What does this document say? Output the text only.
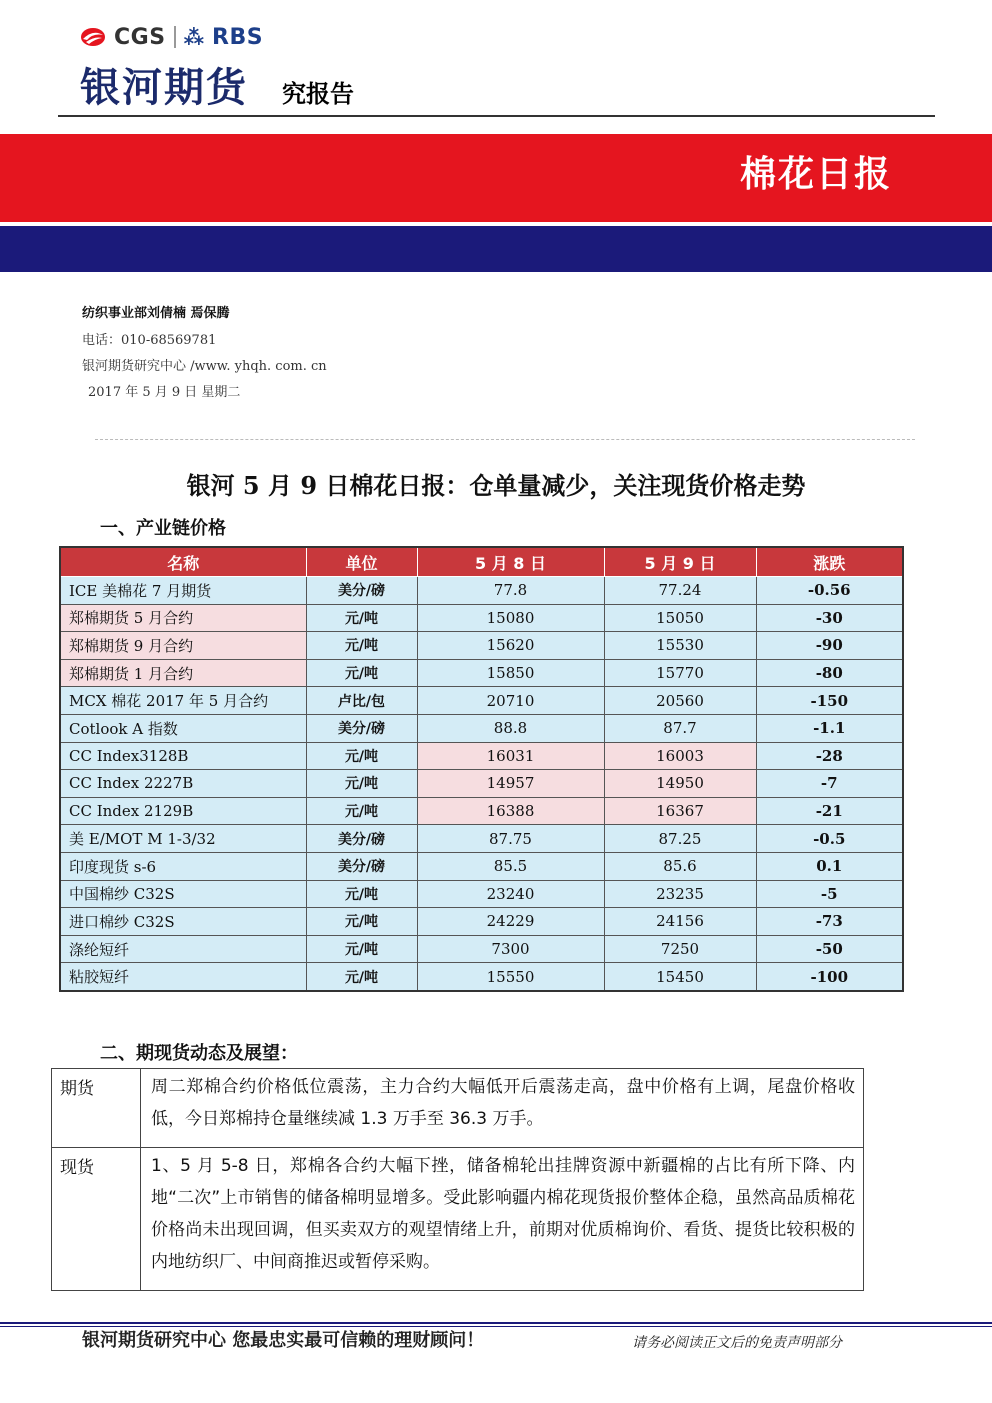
CGS ⁂ RBS
银河期货 究报告
棉花日报
纺织事业部刘倩楠 焉保腾
电话：010-68569781
银河期货研究中心 /www. yhqh. com. cn
2017 年 5 月 9 日 星期二
银河 5 月 9 日棉花日报：仓单量减少，关注现货价格走势
一、产业链价格
名称	单位	5 月 8 日	5 月 9 日	涨跌
ICE 美棉花 7 月期货	美分/磅	77.8	77.24	-0.56
郑棉期货 5 月合约	元/吨	15080	15050	-30
郑棉期货 9 月合约	元/吨	15620	15530	-90
郑棉期货 1 月合约	元/吨	15850	15770	-80
MCX 棉花 2017 年 5 月合约	卢比/包	20710	20560	-150
Cotlook A 指数	美分/磅	88.8	87.7	-1.1
CC Index3128B	元/吨	16031	16003	-28
CC Index 2227B	元/吨	14957	14950	-7
CC Index 2129B	元/吨	16388	16367	-21
美 E/MOT M 1-3/32	美分/磅	87.75	87.25	-0.5
印度现货 s-6	美分/磅	85.5	85.6	0.1
中国棉纱 C32S	元/吨	23240	23235	-5
进口棉纱 C32S	元/吨	24229	24156	-73
涤纶短纤	元/吨	7300	7250	-50
粘胶短纤	元/吨	15550	15450	-100
二、期现货动态及展望：
期货	周二郑棉合约价格低位震荡，主力合约大幅低开后震荡走高，盘中价格有上调，尾盘价格收低，今日郑棉持仓量继续减 1.3 万手至 36.3 万手。
现货	1、5 月 5-8 日，郑棉各合约大幅下挫，储备棉轮出挂牌资源中新疆棉的占比有所下降、内地“二次”上市销售的储备棉明显增多。受此影响疆内棉花现货报价整体企稳，虽然高品质棉花价格尚未出现回调，但买卖双方的观望情绪上升，前期对优质棉询价、看货、提货比较积极的内地纺织厂、中间商推迟或暂停采购。
银河期货研究中心 您最忠实最可信赖的理财顾问！	请务必阅读正文后的免责声明部分
